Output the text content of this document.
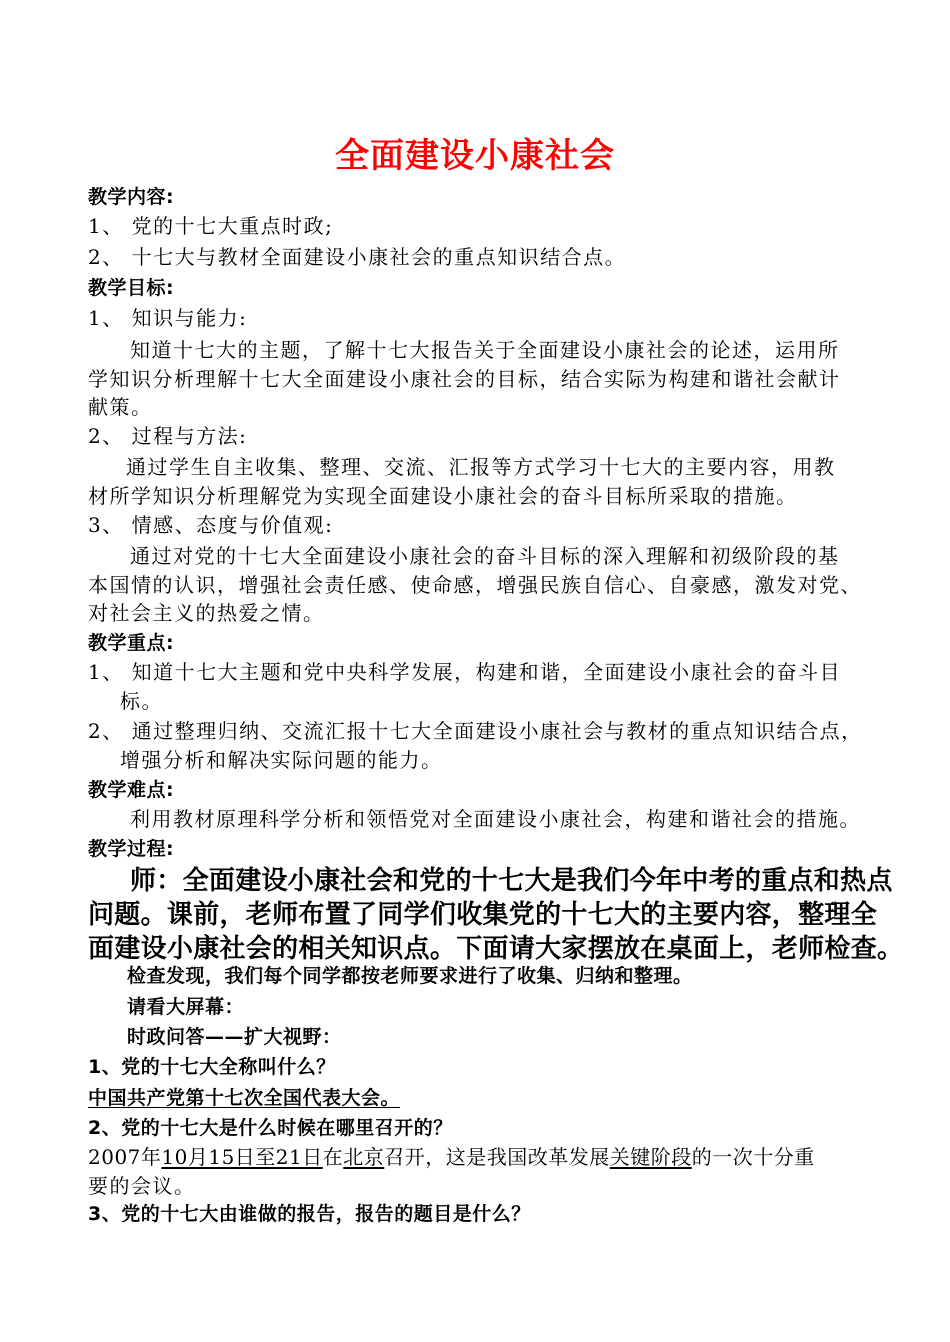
全面建设小康社会
教学内容:
1、 党的十七大重点时政;
2、 十七大与教材全面建设小康社会的重点知识结合点。
教学目标:
1、 知识与能力:
知道十七大的主题，了解十七大报告关于全面建设小康社会的论述，运用所
学知识分析理解十七大全面建设小康社会的目标，结合实际为构建和谐社会献计
献策。
2、 过程与方法:
通过学生自主收集、整理、交流、汇报等方式学习十七大的主要内容，用教
材所学知识分析理解党为实现全面建设小康社会的奋斗目标所采取的措施。
3、 情感、态度与价值观:
通过对党的十七大全面建设小康社会的奋斗目标的深入理解和初级阶段的基
本国情的认识，增强社会责任感、使命感，增强民族自信心、自豪感，激发对党、
对社会主义的热爱之情。
教学重点:
1、 知道十七大主题和党中央科学发展，构建和谐，全面建设小康社会的奋斗目
标。
2、 通过整理归纳、交流汇报十七大全面建设小康社会与教材的重点知识结合点，
增强分析和解决实际问题的能力。
教学难点:
利用教材原理科学分析和领悟党对全面建设小康社会，构建和谐社会的措施。
教学过程:
师：全面建设小康社会和党的十七大是我们今年中考的重点和热点
问题。课前，老师布置了同学们收集党的十七大的主要内容，整理全
面建设小康社会的相关知识点。下面请大家摆放在桌面上，老师检查。
检查发现，我们每个同学都按老师要求进行了收集、归纳和整理。
请看大屏幕：
时政问答——扩大视野：
1、党的十七大全称叫什么？
中国共产党第十七次全国代表大会。
2、党的十七大是什么时候在哪里召开的？
2007年10月15日至21日在北京召开，这是我国改革发展关键阶段的一次十分重
要的会议。
3、党的十七大由谁做的报告，报告的题目是什么？
